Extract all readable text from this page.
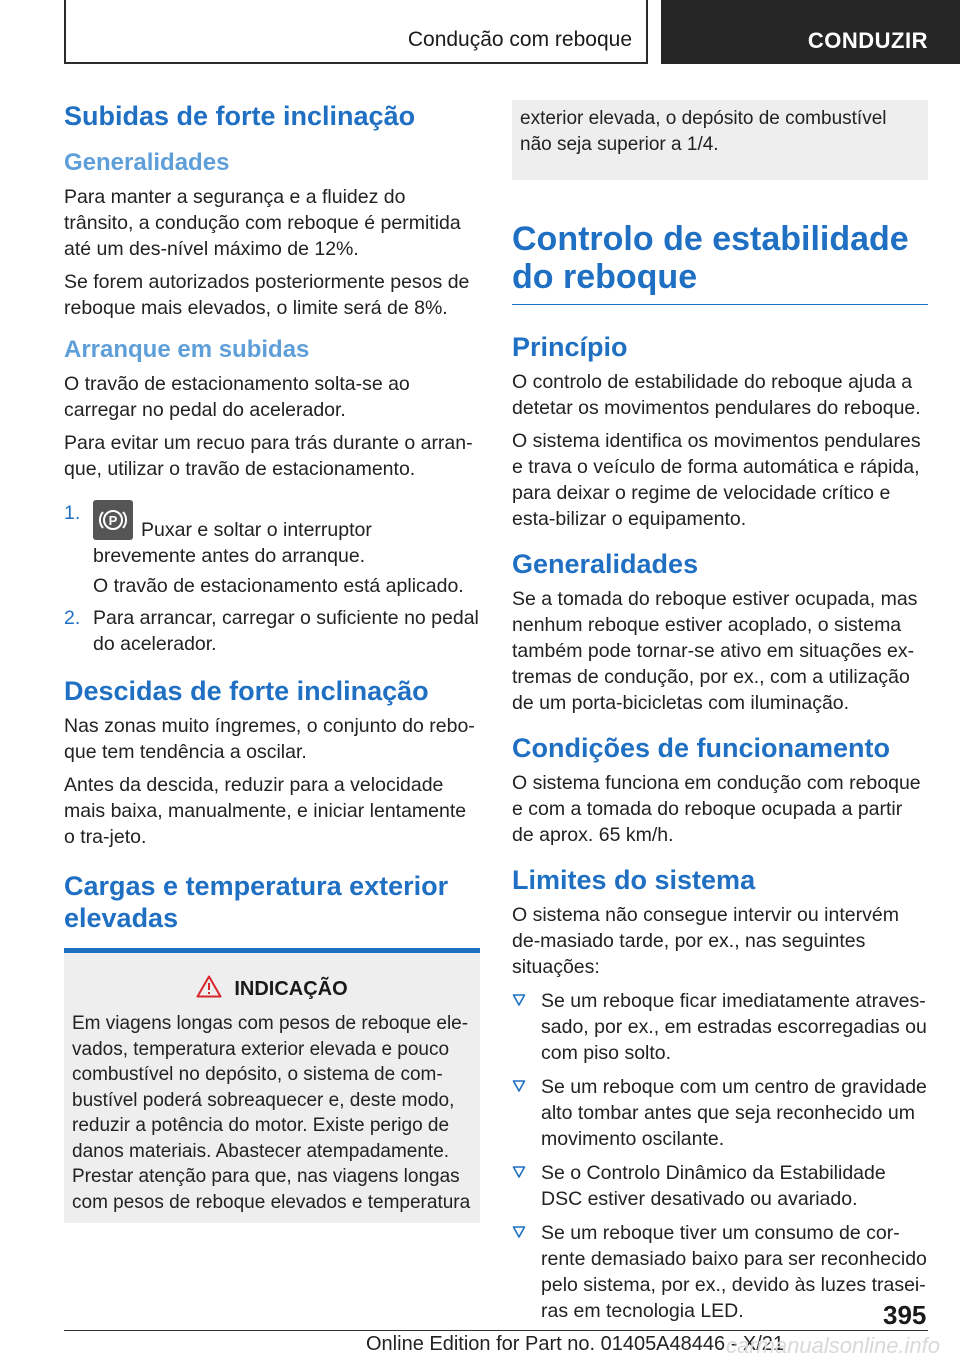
Condução com reboque	CONDUZIR
Subidas de forte inclinação
Generalidades

Para manter a segurança e a fluidez do trânsito, a condução com reboque é permitida até um des-nível máximo de 12%.

Se forem autorizados posteriormente pesos de reboque mais elevados, o limite será de 8%.

Arranque em subidas

O travão de estacionamento solta-se ao carregar no pedal do acelerador.

Para evitar um recuo para trás durante o arran-que, utilizar o travão de estacionamento.

1. P Puxar e soltar o interruptor brevemente antes do arranque.

O travão de estacionamento está aplicado.

2. Para arrancar, carregar o suficiente no pedal do acelerador.

Descidas de forte inclinação

Nas zonas muito íngremes, o conjunto do rebo-que tem tendência a oscilar.

Antes da descida, reduzir para a velocidade mais baixa, manualmente, e iniciar lentamente o tra-jeto.

Cargas e temperatura exterior elevadas
INDICAÇÃO

Em viagens longas com pesos de reboque ele-vados, temperatura exterior elevada e pouco combustível no depósito, o sistema de com-bustível poderá sobreaquecer e, deste modo, reduzir a potência do motor. Existe perigo de danos materiais. Abastecer atempadamente. Prestar atenção para que, nas viagens longas com pesos de reboque elevados e temperatura

exterior elevada, o depósito de combustível não seja superior a 1/4.

Controlo de estabilidade do reboque
Princípio

O controlo de estabilidade do reboque ajuda a detetar os movimentos pendulares do reboque.

O sistema identifica os movimentos pendulares e trava o veículo de forma automática e rápida, para deixar o regime de velocidade crítico e esta-bilizar o equipamento.

Generalidades

Se a tomada do reboque estiver ocupada, mas nenhum reboque estiver acoplado, o sistema também pode tornar-se ativo em situações ex-tremas de condução, por ex., com a utilização de um porta-bicicletas com iluminação.

Condições de funcionamento

O sistema funciona em condução com reboque e com a tomada do reboque ocupada a partir de aprox. 65 km/h.

Limites do sistema

O sistema não consegue intervir ou intervém de-masiado tarde, por ex., nas seguintes situações:

Se um reboque ficar imediatamente atraves-sado, por ex., em estradas escorregadias ou com piso solto.

Se um reboque com um centro de gravidade alto tombar antes que seja reconhecido um movimento oscilante.

Se o Controlo Dinâmico da Estabilidade DSC estiver desativado ou avariado.

Se um reboque tiver um consumo de cor-rente demasiado baixo para ser reconhecido pelo sistema, por ex., devido às luzes trasei-ras em tecnologia LED.	395
Online Edition for Part no. 01405A48446 - X/21
carmanualsonline.info
